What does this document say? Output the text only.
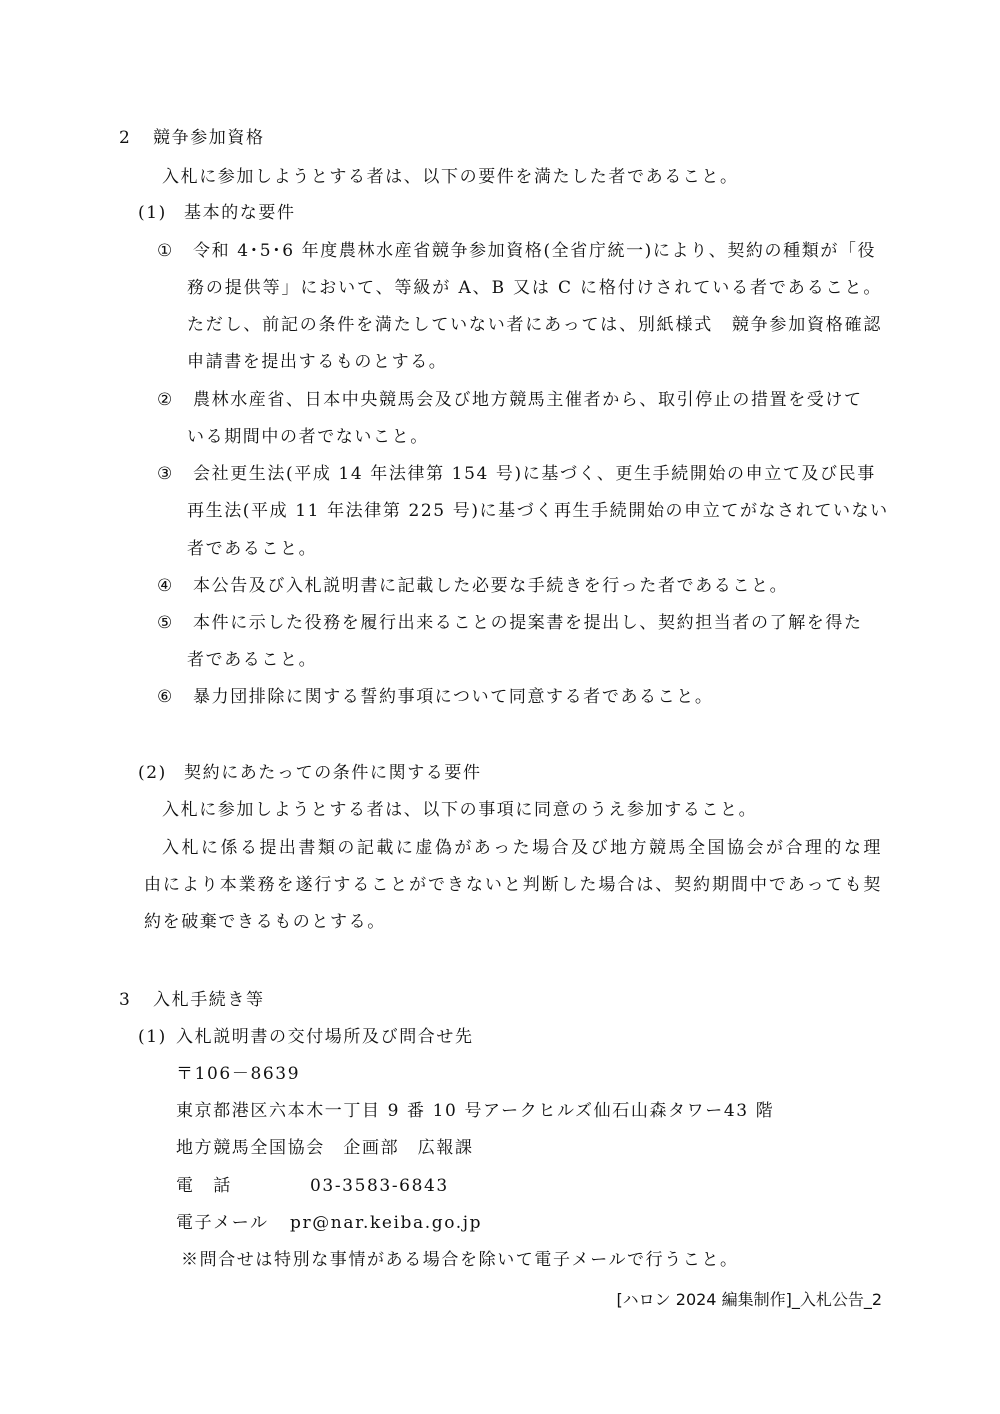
2 競争参加資格
入札に参加しようとする者は、以下の要件を満たした者であること。
(1) 基本的な要件
① 令和 4･5･6 年度農林水産省競争参加資格(全省庁統一)により、契約の種類が「役
務の提供等」において、等級が A、B 又は C に格付けされている者であること。
ただし、前記の条件を満たしていない者にあっては、別紙様式　競争参加資格確認
申請書を提出するものとする。
② 農林水産省、日本中央競馬会及び地方競馬主催者から、取引停止の措置を受けて
いる期間中の者でないこと。
③ 会社更生法(平成 14 年法律第 154 号)に基づく、更生手続開始の申立て及び民事
再生法(平成 11 年法律第 225 号)に基づく再生手続開始の申立てがなされていない
者であること。
④ 本公告及び入札説明書に記載した必要な手続きを行った者であること。
⑤ 本件に示した役務を履行出来ることの提案書を提出し、契約担当者の了解を得た
者であること。
⑥ 暴力団排除に関する誓約事項について同意する者であること。
(2) 契約にあたっての条件に関する要件
入札に参加しようとする者は、以下の事項に同意のうえ参加すること。
入札に係る提出書類の記載に虚偽があった場合及び地方競馬全国協会が合理的な理
由により本業務を遂行することができないと判断した場合は、契約期間中であっても契
約を破棄できるものとする。
3 入札手続き等
(1) 入札説明書の交付場所及び問合せ先
〒106－8639
東京都港区六本木一丁目 9 番 10 号アークヒルズ仙石山森タワー43 階
地方競馬全国協会　企画部　広報課
電　話	03-3583-6843
電子メール pr@nar.keiba.go.jp
※問合せは特別な事情がある場合を除いて電子メールで行うこと。
[ハロン 2024 編集制作]_入札公告_2
